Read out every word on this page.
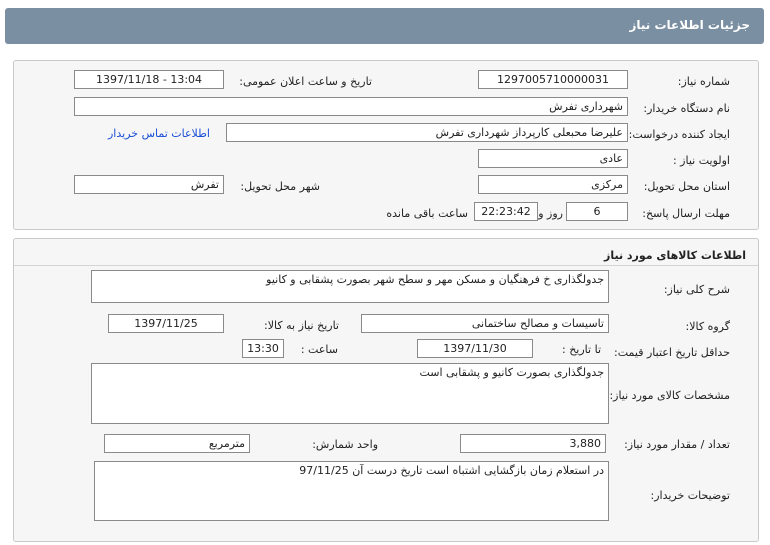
جزئیات اطلاعات نیاز
شماره نیاز:
1297005710000031
تاریخ و ساعت اعلان عمومی:
1397/11/18 - 13:04
نام دستگاه خریدار:
شهرداری تفرش
ایجاد کننده درخواست:
علیرضا محبعلی کارپرداز شهرداری تفرش
اطلاعات تماس خریدار
اولویت نیاز :
عادی
استان محل تحویل:
مرکزی
شهر محل تحویل:
تفرش
مهلت ارسال پاسخ:
6
روز و
22:23:42
ساعت باقی مانده
اطلاعات کالاهای مورد نیاز
شرح کلی نیاز:
جدولگذاری خ فرهنگیان و مسکن مهر و سطح شهر بصورت پشقابی و کانیو
گروه کالا:
تاسیسات و مصالح ساختمانی
تاریخ نیاز به کالا:
1397/11/25
حداقل تاریخ اعتبار قیمت:
تا تاریخ :
1397/11/30
ساعت :
13:30
مشخصات کالای مورد نیاز:
جدولگذاری بصورت کانیو و پشقابی است
تعداد / مقدار مورد نیاز:
3,880
واحد شمارش:
مترمربع
توضیحات خریدار:
در استعلام زمان بازگشایی اشتباه است تاریخ درست آن 97/11/25
